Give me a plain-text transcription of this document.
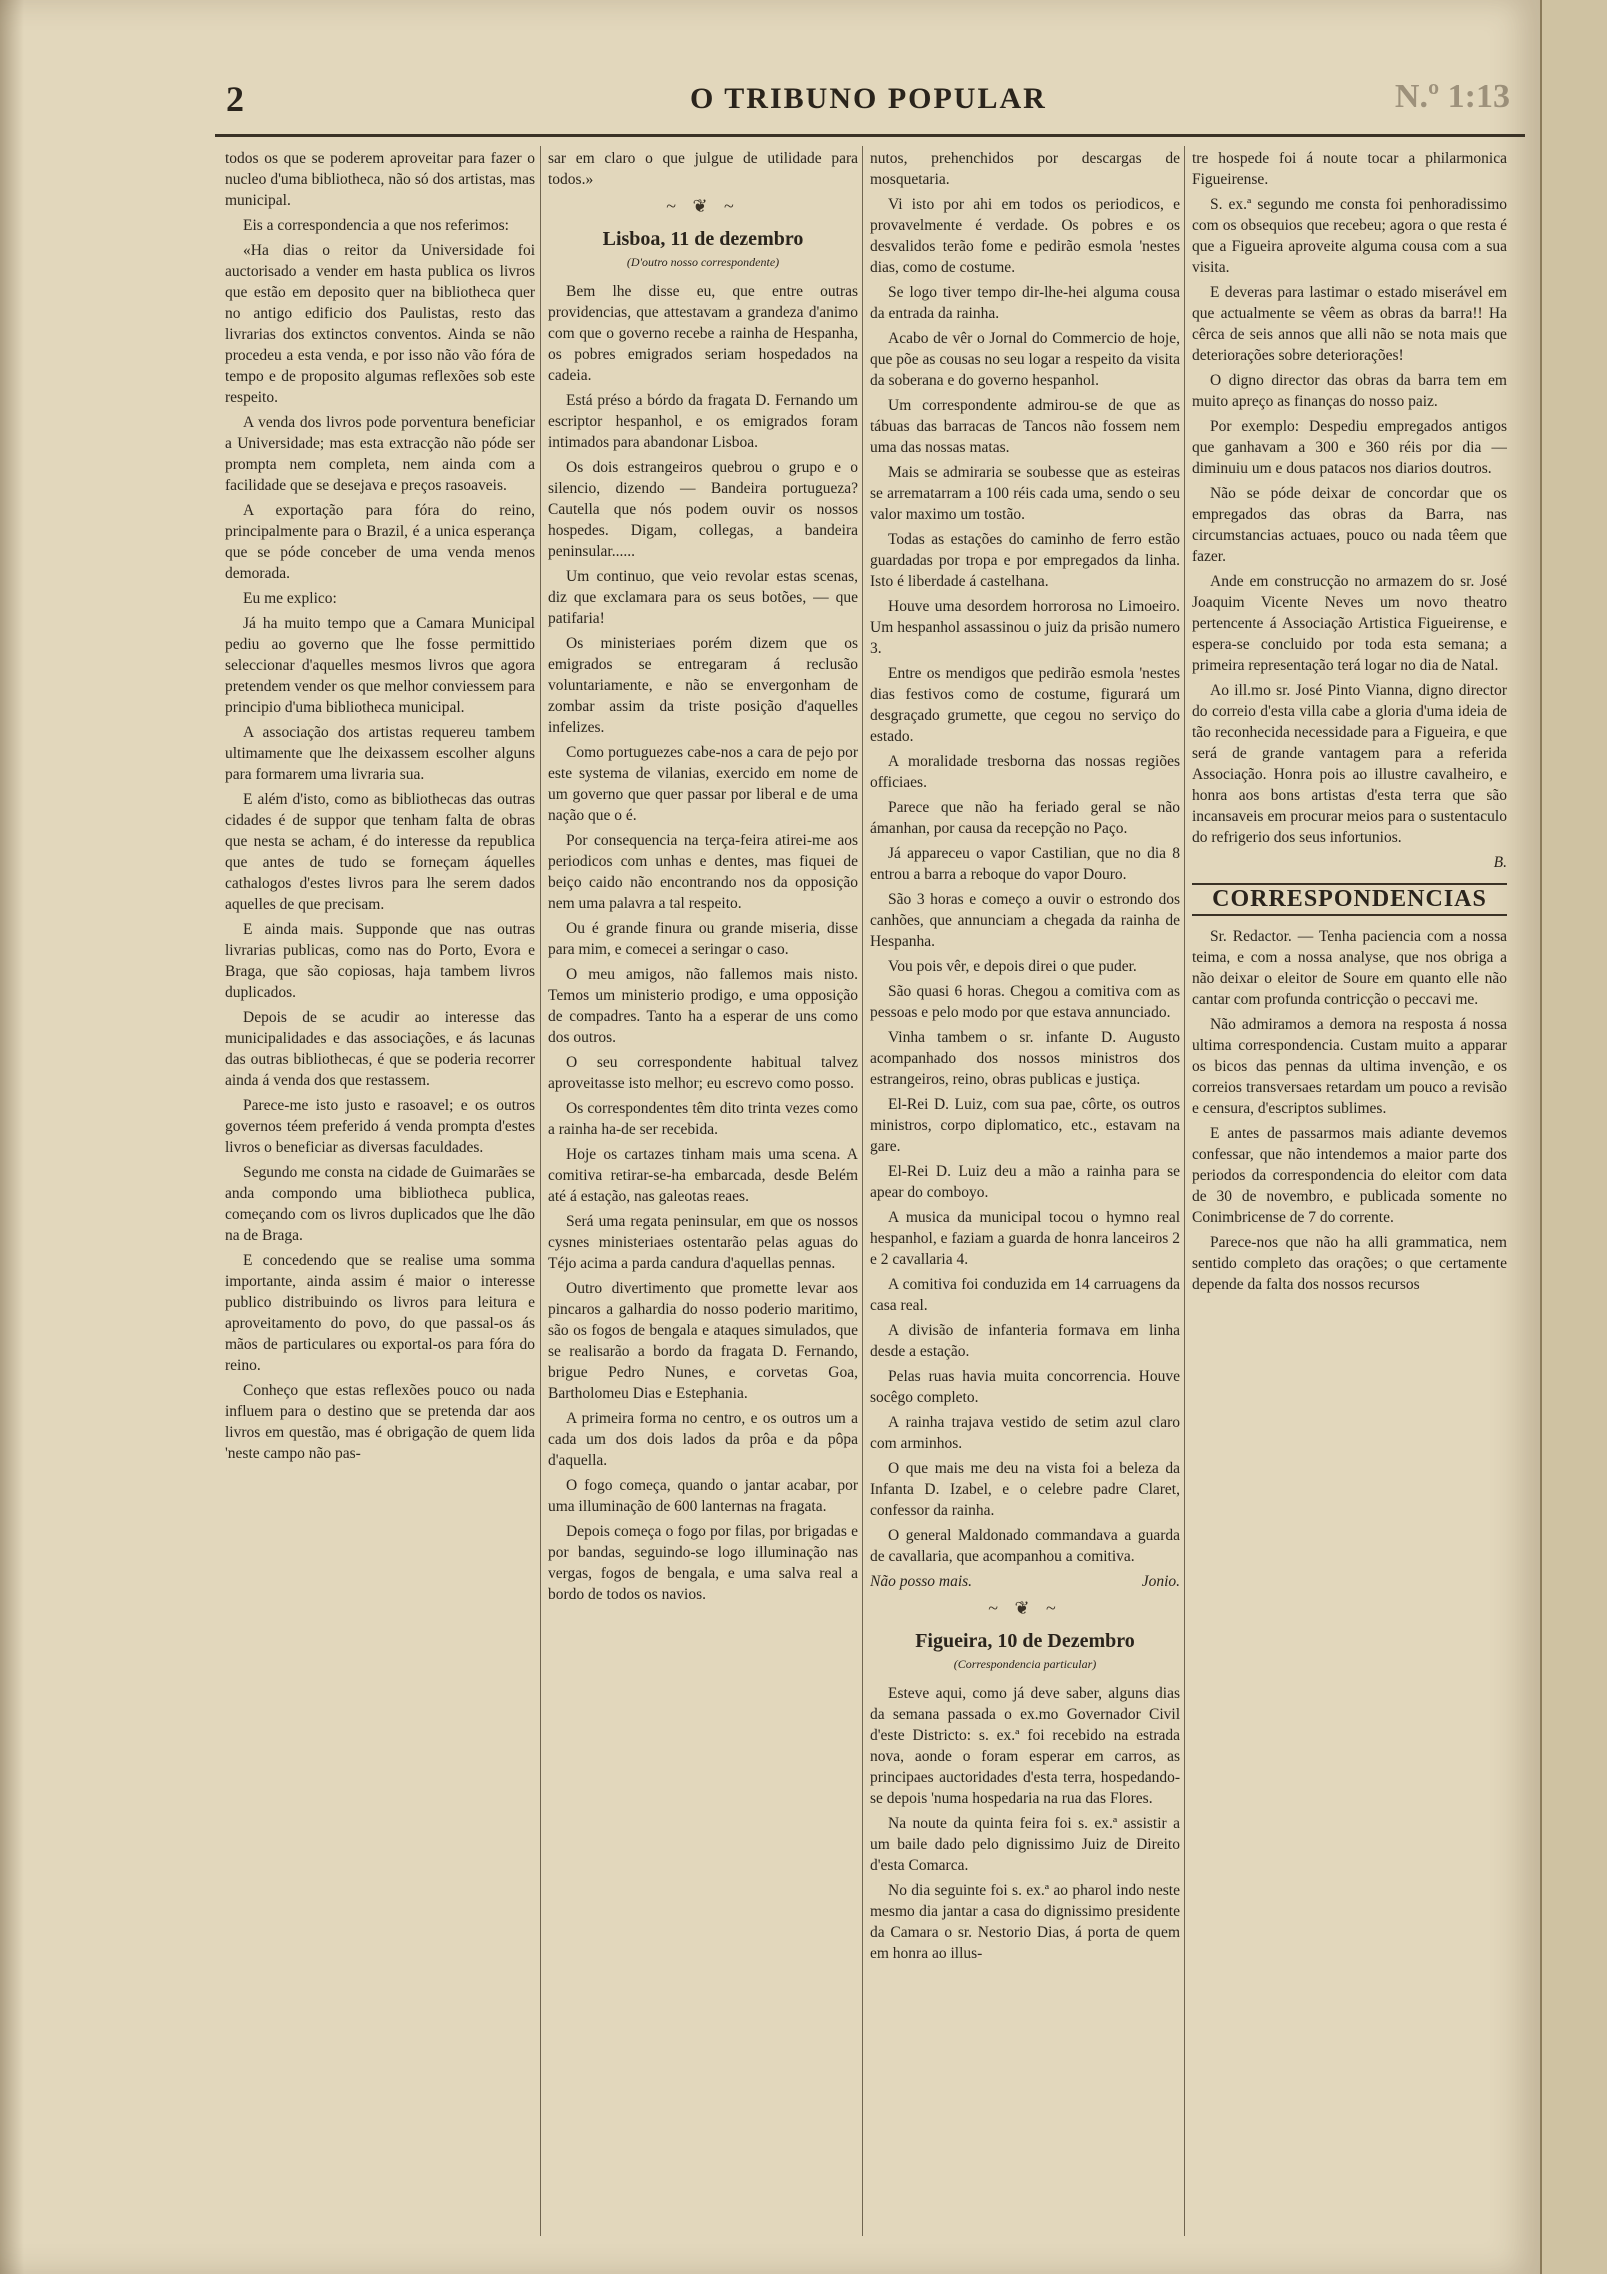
2	O TRIBUNO POPULAR	N.º 1:13

todos os que se poderem aproveitar para fazer o nucleo d'uma bibliotheca, não só dos artistas, mas municipal.

Eis a correspondencia a que nos referimos:

«Ha dias o reitor da Universidade foi auctorisado a vender em hasta publica os livros que estão em deposito quer na bibliotheca quer no antigo edificio dos Paulistas, resto das livrarias dos extinctos conventos. Ainda se não procedeu a esta venda, e por isso não vão fóra de tempo e de proposito algumas reflexões sob este respeito.

A venda dos livros pode porventura beneficiar a Universidade; mas esta extracção não póde ser prompta nem completa, nem ainda com a facilidade que se desejava e preços rasoaveis.

A exportação para fóra do reino, principalmente para o Brazil, é a unica esperança que se póde conceber de uma venda menos demorada.

Eu me explico:

Já ha muito tempo que a Camara Municipal pediu ao governo que lhe fosse permittido seleccionar d'aquelles mesmos livros que agora pretendem vender os que melhor conviessem para principio d'uma bibliotheca municipal.

A associação dos artistas requereu tambem ultimamente que lhe deixassem escolher alguns para formarem uma livraria sua.

E além d'isto, como as bibliothecas das outras cidades é de suppor que tenham falta de obras que nesta se acham, é do interesse da republica que antes de tudo se forneçam áquelles cathalogos d'estes livros para lhe serem dados aquelles de que precisam.

E ainda mais. Supponde que nas outras livrarias publicas, como nas do Porto, Evora e Braga, que são copiosas, haja tambem livros duplicados.

Depois de se acudir ao interesse das municipalidades e das associações, e ás lacunas das outras bibliothecas, é que se poderia recorrer ainda á venda dos que restassem.

Parece-me isto justo e rasoavel; e os outros governos téem preferido á venda prompta d'estes livros o beneficiar as diversas faculdades.

Segundo me consta na cidade de Guimarães se anda compondo uma bibliotheca publica, começando com os livros duplicados que lhe dão na de Braga.

E concedendo que se realise uma somma importante, ainda assim é maior o interesse publico distribuindo os livros para leitura e aproveitamento do povo, do que passal-os ás mãos de particulares ou exportal-os para fóra do reino.

Conheço que estas reflexões pouco ou nada influem para o destino que se pretenda dar aos livros em questão, mas é obrigação de quem lida 'neste campo não pas-

sar em claro o que julgue de utilidade para todos.»

~ ❦ ~
Lisboa, 11 de dezembro
(D'outro nosso correspondente)

Bem lhe disse eu, que entre outras providencias, que attestavam a grandeza d'animo com que o governo recebe a rainha de Hespanha, os pobres emigrados seriam hospedados na cadeia.

Está préso a bórdo da fragata D. Fernando um escriptor hespanhol, e os emigrados foram intimados para abandonar Lisboa.

Os dois estrangeiros quebrou o grupo e o silencio, dizendo — Bandeira portugueza? Cautella que nós podem ouvir os nossos hospedes. Digam, collegas, a bandeira peninsular......

Um continuo, que veio revolar estas scenas, diz que exclamara para os seus botões, — que patifaria!

Os ministeriaes porém dizem que os emigrados se entregaram á reclusão voluntariamente, e não se envergonham de zombar assim da triste posição d'aquelles infelizes.

Como portuguezes cabe-nos a cara de pejo por este systema de vilanias, exercido em nome de um governo que quer passar por liberal e de uma nação que o é.

Por consequencia na terça-feira atirei-me aos periodicos com unhas e dentes, mas fiquei de beiço caido não encontrando nos da opposição nem uma palavra a tal respeito.

Ou é grande finura ou grande miseria, disse para mim, e comecei a seringar o caso.

O meu amigos, não fallemos mais nisto. Temos um ministerio prodigo, e uma opposição de compadres. Tanto ha a esperar de uns como dos outros.

O seu correspondente habitual talvez aproveitasse isto melhor; eu escrevo como posso.

Os correspondentes têm dito trinta vezes como a rainha ha-de ser recebida.

Hoje os cartazes tinham mais uma scena. A comitiva retirar-se-ha embarcada, desde Belém até á estação, nas galeotas reaes.

Será uma regata peninsular, em que os nossos cysnes ministeriaes ostentarão pelas aguas do Téjo acima a parda candura d'aquellas pennas.

Outro divertimento que promette levar aos pincaros a galhardia do nosso poderio maritimo, são os fogos de bengala e ataques simulados, que se realisarão a bordo da fragata D. Fernando, brigue Pedro Nunes, e corvetas Goa, Bartholomeu Dias e Estephania.

A primeira forma no centro, e os outros um a cada um dos dois lados da prôa e da pôpa d'aquella.

O fogo começa, quando o jantar acabar, por uma illuminação de 600 lanternas na fragata.

Depois começa o fogo por filas, por brigadas e por bandas, seguindo-se logo illuminação nas vergas, fogos de bengala, e uma salva real a bordo de todos os navios.

nutos, prehenchidos por descargas de mosquetaria.

Vi isto por ahi em todos os periodicos, e provavelmente é verdade. Os pobres e os desvalidos terão fome e pedirão esmola 'nestes dias, como de costume.

Se logo tiver tempo dir-lhe-hei alguma cousa da entrada da rainha.

Acabo de vêr o Jornal do Commercio de hoje, que põe as cousas no seu logar a respeito da visita da soberana e do governo hespanhol.

Um correspondente admirou-se de que as tábuas das barracas de Tancos não fossem nem uma das nossas matas.

Mais se admiraria se soubesse que as esteiras se arrematarram a 100 réis cada uma, sendo o seu valor maximo um tostão.

Todas as estações do caminho de ferro estão guardadas por tropa e por empregados da linha. Isto é liberdade á castelhana.

Houve uma desordem horrorosa no Limoeiro. Um hespanhol assassinou o juiz da prisão numero 3.

Entre os mendigos que pedirão esmola 'nestes dias festivos como de costume, figurará um desgraçado grumette, que cegou no serviço do estado.

A moralidade tresborna das nossas regiões officiaes.

Parece que não ha feriado geral se não ámanhan, por causa da recepção no Paço.

Já appareceu o vapor Castilian, que no dia 8 entrou a barra a reboque do vapor Douro.

São 3 horas e começo a ouvir o estrondo dos canhões, que annunciam a chegada da rainha de Hespanha.

Vou pois vêr, e depois direi o que puder.

São quasi 6 horas. Chegou a comitiva com as pessoas e pelo modo por que estava annunciado.

Vinha tambem o sr. infante D. Augusto acompanhado dos nossos ministros dos estrangeiros, reino, obras publicas e justiça.

El-Rei D. Luiz, com sua pae, côrte, os outros ministros, corpo diplomatico, etc., estavam na gare.

El-Rei D. Luiz deu a mão a rainha para se apear do comboyo.

A musica da municipal tocou o hymno real hespanhol, e faziam a guarda de honra lanceiros 2 e 2 cavallaria 4.

A comitiva foi conduzida em 14 carruagens da casa real.

A divisão de infanteria formava em linha desde a estação.

Pelas ruas havia muita concorrencia. Houve socêgo completo.

A rainha trajava vestido de setim azul claro com arminhos.

O que mais me deu na vista foi a beleza da Infanta D. Izabel, e o celebre padre Claret, confessor da rainha.

O general Maldonado commandava a guarda de cavallaria, que acompanhou a comitiva.

Não posso mais.	Jonio.
~ ❦ ~
Figueira, 10 de Dezembro
(Correspondencia particular)

Esteve aqui, como já deve saber, alguns dias da semana passada o ex.mo Governador Civil d'este Districto: s. ex.ª foi recebido na estrada nova, aonde o foram esperar em carros, as principaes auctoridades d'esta terra, hospedando-se depois 'numa hospedaria na rua das Flores.

Na noute da quinta feira foi s. ex.ª assistir a um baile dado pelo dignissimo Juiz de Direito d'esta Comarca.

No dia seguinte foi s. ex.ª ao pharol indo neste mesmo dia jantar a casa do dignissimo presidente da Camara o sr. Nestorio Dias, á porta de quem em honra ao illus-

tre hospede foi á noute tocar a philarmonica Figueirense.

S. ex.ª segundo me consta foi penhoradissimo com os obsequios que recebeu; agora o que resta é que a Figueira aproveite alguma cousa com a sua visita.

E deveras para lastimar o estado miserável em que actualmente se vêem as obras da barra!! Ha cêrca de seis annos que alli não se nota mais que deteriorações sobre deteriorações!

O digno director das obras da barra tem em muito apreço as finanças do nosso paiz.

Por exemplo: Despediu empregados antigos que ganhavam a 300 e 360 réis por dia — diminuiu um e dous patacos nos diarios doutros.

Não se póde deixar de concordar que os empregados das obras da Barra, nas circumstancias actuaes, pouco ou nada têem que fazer.

Ande em construcção no armazem do sr. José Joaquim Vicente Neves um novo theatro pertencente á Associação Artistica Figueirense, e espera-se concluido por toda esta semana; a primeira representação terá logar no dia de Natal.

Ao ill.mo sr. José Pinto Vianna, digno director do correio d'esta villa cabe a gloria d'uma ideia de tão reconhecida necessidade para a Figueira, e que será de grande vantagem para a referida Associação. Honra pois ao illustre cavalheiro, e honra aos bons artistas d'esta terra que são incansaveis em procurar meios para o sustentaculo do refrigerio dos seus infortunios.

B.

CORRESPONDENCIAS

Sr. Redactor. — Tenha paciencia com a nossa teima, e com a nossa analyse, que nos obriga a não deixar o eleitor de Soure em quanto elle não cantar com profunda contricção o peccavi me.

Não admiramos a demora na resposta á nossa ultima correspondencia. Custam muito a apparar os bicos das pennas da ultima invenção, e os correios transversaes retardam um pouco a revisão e censura, d'escriptos sublimes.

E antes de passarmos mais adiante devemos confessar, que não intendemos a maior parte dos periodos da correspondencia do eleitor com data de 30 de novembro, e publicada somente no Conimbricense de 7 do corrente.

Parece-nos que não ha alli grammatica, nem sentido completo das orações; o que certamente depende da falta dos nossos recursos
